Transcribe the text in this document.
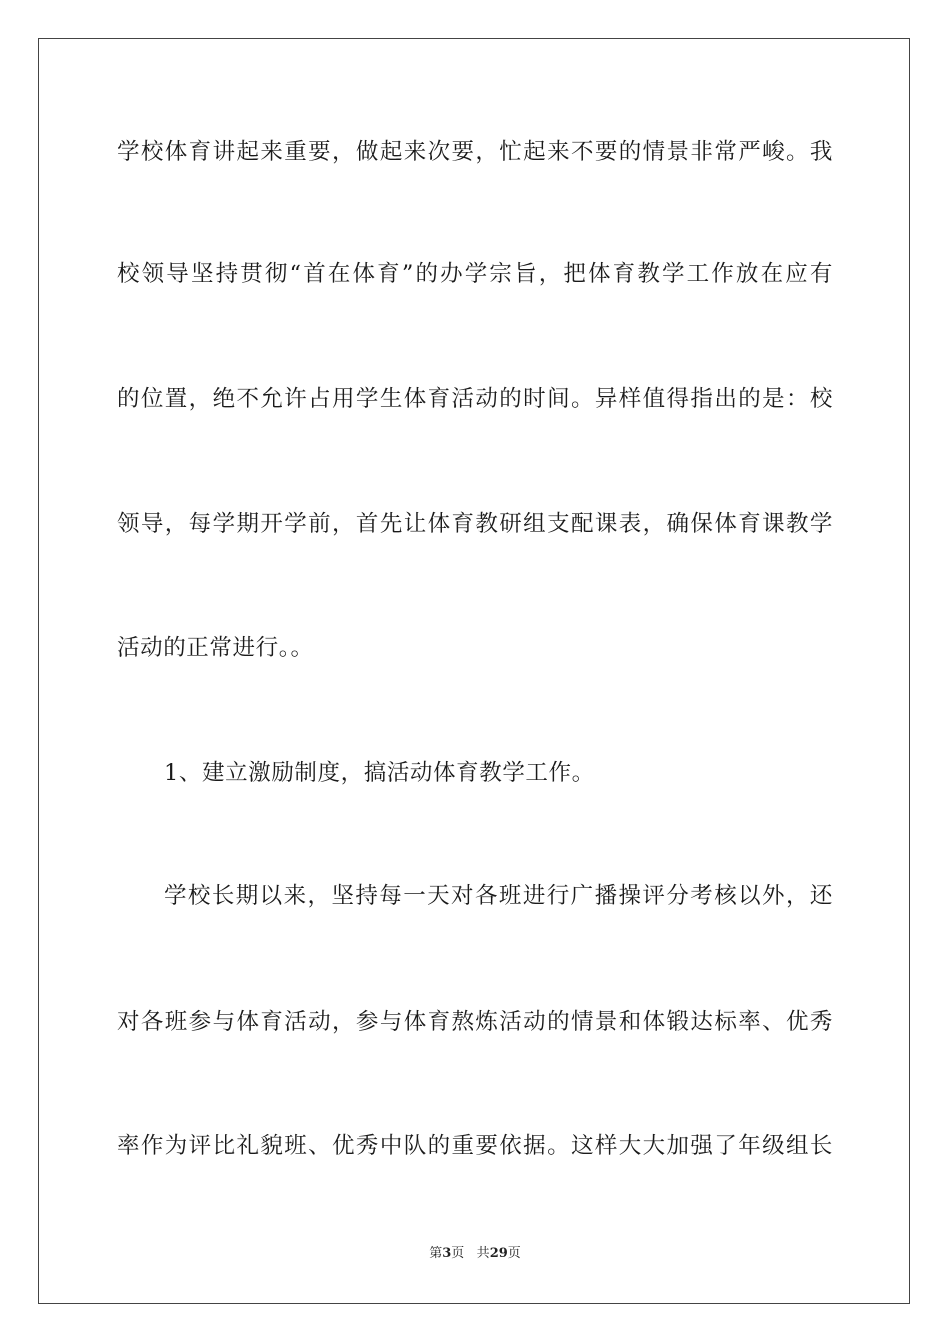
学校体育讲起来重要，做起来次要，忙起来不要的情景非常严峻。我
校领导坚持贯彻“首在体育”的办学宗旨，把体育教学工作放在应有
的位置，绝不允许占用学生体育活动的时间。异样值得指出的是：校
领导，每学期开学前，首先让体育教研组支配课表，确保体育课教学
活动的正常进行。。
1、建立激励制度，搞活动体育教学工作。
学校长期以来，坚持每一天对各班进行广播操评分考核以外，还
对各班参与体育活动，参与体育熬炼活动的情景和体锻达标率、优秀
率作为评比礼貌班、优秀中队的重要依据。这样大大加强了年级组长
第3页 共29页
